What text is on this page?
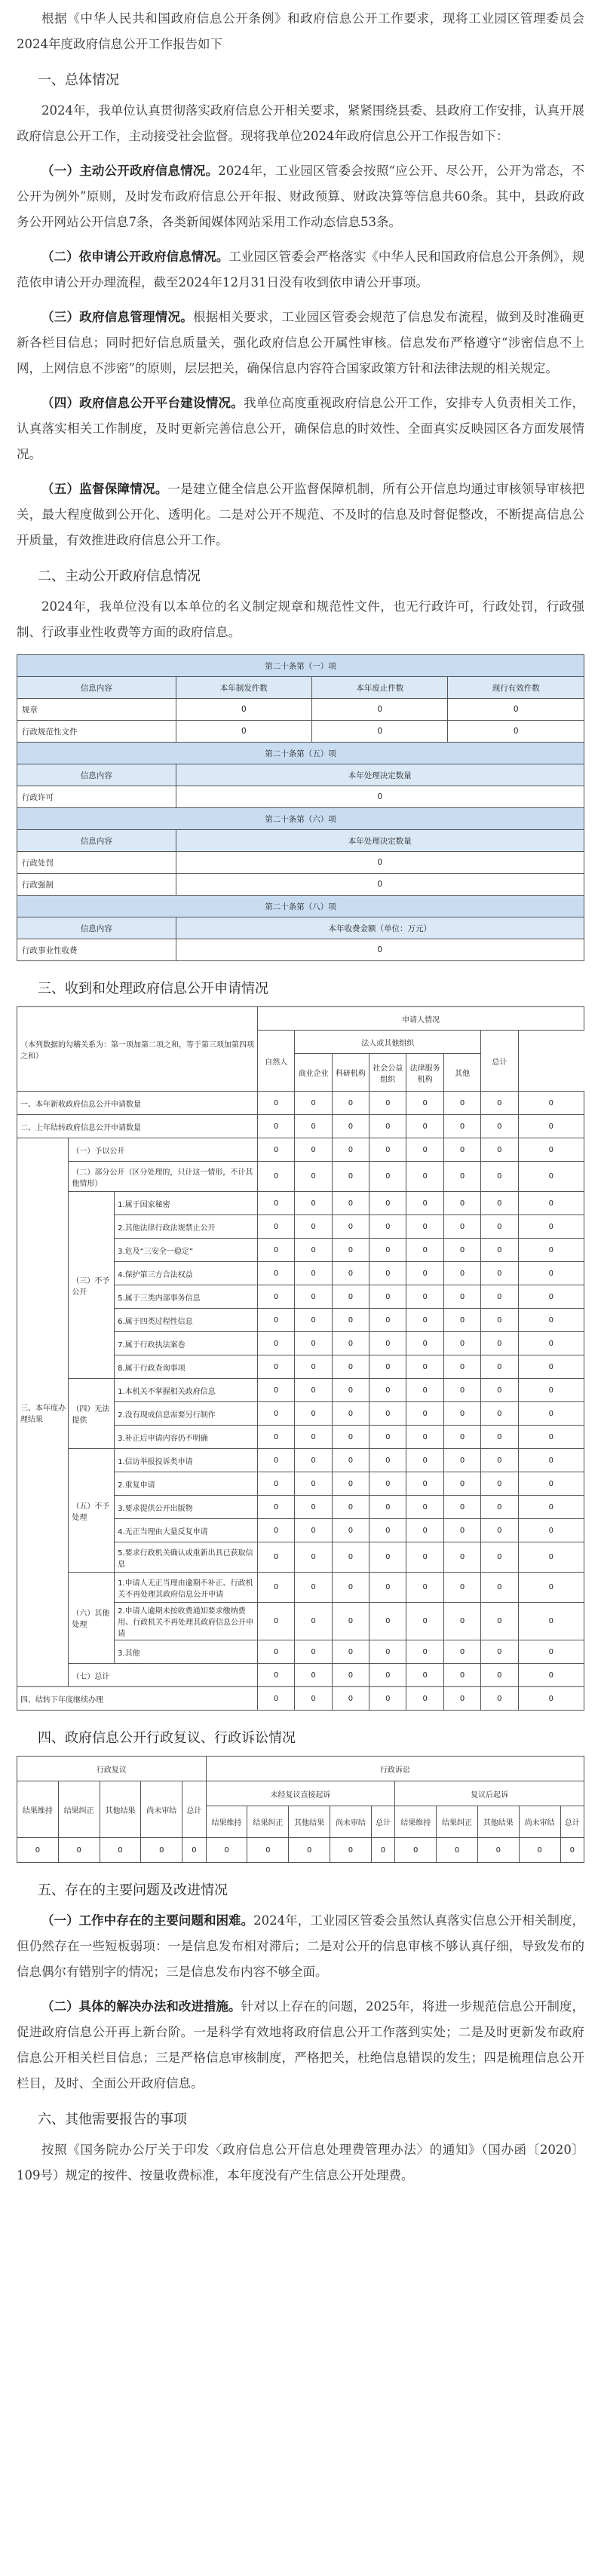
根据《中华人民共和国政府信息公开条例》和政府信息公开工作要求，现将工业园区管理委员会2024年度政府信息公开工作报告如下

一、总体情况

2024年，我单位认真贯彻落实政府信息公开相关要求，紧紧围绕县委、县政府工作安排，认真开展政府信息公开工作，主动接受社会监督。现将我单位2024年政府信息公开工作报告如下：

（一）主动公开政府信息情况。2024年，工业园区管委会按照“应公开、尽公开，公开为常态，不公开为例外”原则，及时发布政府信息公开年报、财政预算、财政决算等信息共60条。其中，县政府政务公开网站公开信息7条，各类新闻媒体网站采用工作动态信息53条。

（二）依申请公开政府信息情况。工业园区管委会严格落实《中华人民和国政府信息公开条例》，规范依申请公开办理流程，截至2024年12月31日没有收到依申请公开事项。

（三）政府信息管理情况。根据相关要求，工业园区管委会规范了信息发布流程，做到及时准确更新各栏目信息；同时把好信息质量关，强化政府信息公开属性审核。信息发布严格遵守“涉密信息不上网，上网信息不涉密”的原则，层层把关，确保信息内容符合国家政策方针和法律法规的相关规定。

（四）政府信息公开平台建设情况。我单位高度重视政府信息公开工作，安排专人负责相关工作，认真落实相关工作制度，及时更新完善信息公开，确保信息的时效性、全面真实反映园区各方面发展情况。

（五）监督保障情况。一是建立健全信息公开监督保障机制，所有公开信息均通过审核领导审核把关，最大程度做到公开化、透明化。二是对公开不规范、不及时的信息及时督促整改，不断提高信息公开质量，有效推进政府信息公开工作。

二、主动公开政府信息情况

2024年，我单位没有以本单位的名义制定规章和规范性文件，也无行政许可，行政处罚，行政强制、行政事业性收费等方面的政府信息。

第二十条第（一）项			
信息内容	本年制发件数	本年废止件数	现行有效件数
规章	0	0	0
行政规范性文件	0	0	0
第二十条第（五）项			
信息内容	本年处理决定数量		
行政许可	0		
第二十条第（六）项			
信息内容	本年处理决定数量		
行政处罚	0		
行政强制	0		
第二十条第（八）项			
信息内容	本年收费金额（单位：万元）		
行政事业性收费	0		
三、收到和处理政府信息公开申请情况
（本列数据的勾稽关系为：第一项加第二项之和，等于第三项加第四项之和）			申请人情况							
			自然人	法人或其他组织					总计	
				商业企业	科研机构	社会公益组织	法律服务机构	其他		
一、本年新收政府信息公开申请数量			0	0	0	0	0	0	0	0
二、上年结转政府信息公开申请数量			0	0	0	0	0	0	0	0
三、本年度办理结果	（一）予以公开		0	0	0	0	0	0	0	0
	（二）部分公开（区分处理的，只计这一情形，不计其他情形）		0	0	0	0	0	0	0	0
	（三）不予公开	1.属于国家秘密	0	0	0	0	0	0	0	0
		2.其他法律行政法规禁止公开	0	0	0	0	0	0	0	0
		3.危及“三安全一稳定”	0	0	0	0	0	0	0	0
		4.保护第三方合法权益	0	0	0	0	0	0	0	0
		5.属于三类内部事务信息	0	0	0	0	0	0	0	0
		6.属于四类过程性信息	0	0	0	0	0	0	0	0
		7.属于行政执法案卷	0	0	0	0	0	0	0	0
		8.属于行政查询事项	0	0	0	0	0	0	0	0
	（四）无法提供	1.本机关不掌握相关政府信息	0	0	0	0	0	0	0	0
		2.没有现成信息需要另行制作	0	0	0	0	0	0	0	0
		3.补正后申请内容仍不明确	0	0	0	0	0	0	0	0
	（五）不予处理	1.信访举报投诉类申请	0	0	0	0	0	0	0	0
		2.重复申请	0	0	0	0	0	0	0	0
		3.要求提供公开出版物	0	0	0	0	0	0	0	0
		4.无正当理由大量反复申请	0	0	0	0	0	0	0	0
		5.要求行政机关确认或重新出具已获取信息	0	0	0	0	0	0	0	0
	（六）其他处理	1.申请人无正当理由逾期不补正、行政机关不再处理其政府信息公开申请	0	0	0	0	0	0	0	0
		2.申请人逾期未按收费通知要求缴纳费用、行政机关不再处理其政府信息公开申请	0	0	0	0	0	0	0	0
		3.其他	0	0	0	0	0	0	0	0
	（七）总计		0	0	0	0	0	0	0	0
四、结转下年度继续办理			0	0	0	0	0	0	0	0
四、政府信息公开行政复议、行政诉讼情况
行政复议					行政诉讼									
结果维持	结果纠正	其他结果	尚未审结	总计	未经复议直接起诉					复议后起诉				
					结果维持	结果纠正	其他结果	尚未审结	总计	结果维持	结果纠正	其他结果	尚未审结	总计
0	0	0	0	0	0	0	0	0	0	0	0	0	0	0
五、存在的主要问题及改进情况

（一）工作中存在的主要问题和困难。2024年，工业园区管委会虽然认真落实信息公开相关制度，但仍然存在一些短板弱项：一是信息发布相对滞后；二是对公开的信息审核不够认真仔细，导致发布的信息偶尔有错别字的情况；三是信息发布内容不够全面。

（二）具体的解决办法和改进措施。针对以上存在的问题，2025年，将进一步规范信息公开制度，促进政府信息公开再上新台阶。一是科学有效地将政府信息公开工作落到实处；二是及时更新发布政府信息公开相关栏目信息；三是严格信息审核制度，严格把关，杜绝信息错误的发生；四是梳理信息公开栏目，及时、全面公开政府信息。

六、其他需要报告的事项

按照《国务院办公厅关于印发〈政府信息公开信息处理费管理办法〉的通知》（国办函〔2020〕109号）规定的按件、按量收费标准，本年度没有产生信息公开处理费。
